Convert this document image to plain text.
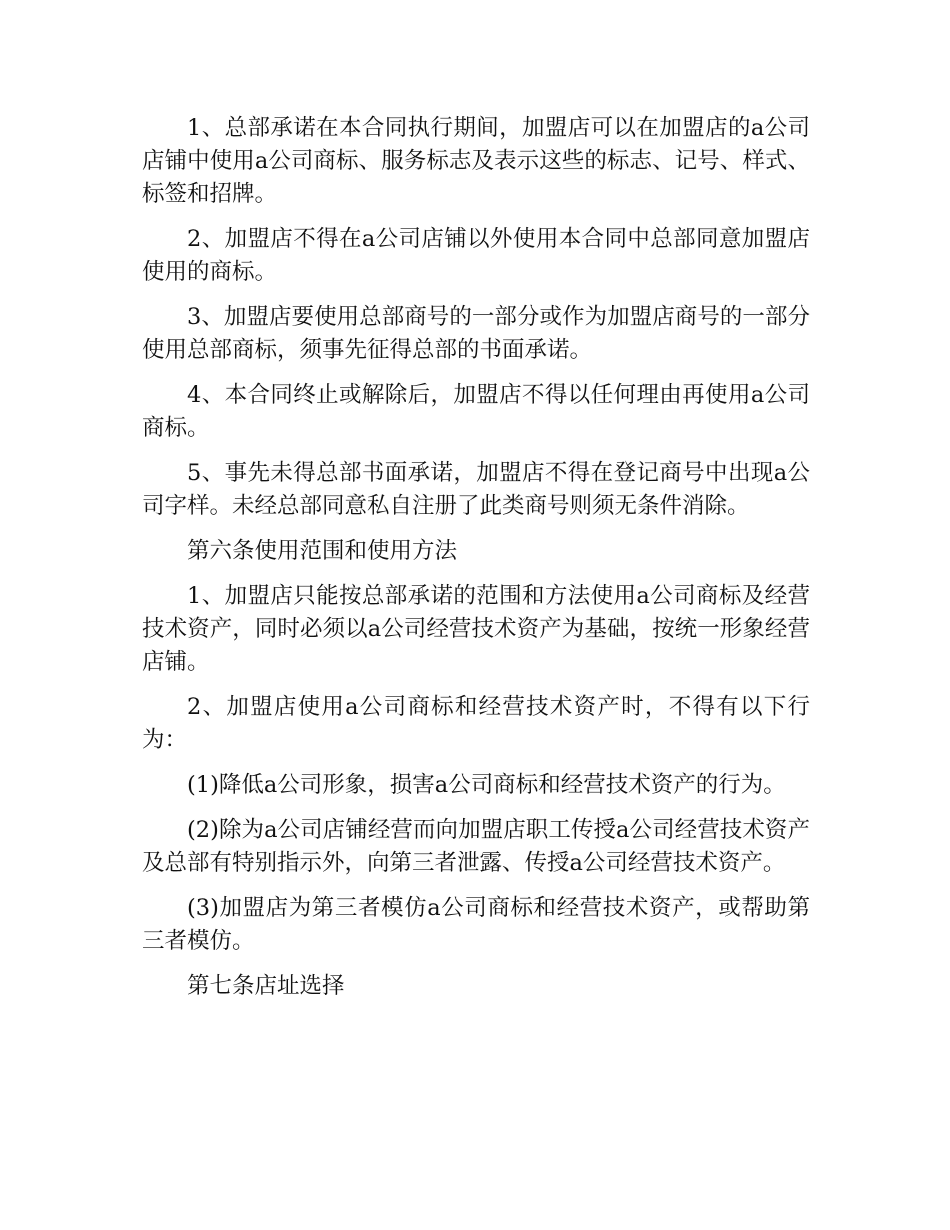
1、总部承诺在本合同执行期间，加盟店可以在加盟店的a公司店铺中使用a公司商标、服务标志及表示这些的标志、记号、样式、标签和招牌。

2、加盟店不得在a公司店铺以外使用本合同中总部同意加盟店使用的商标。

3、加盟店要使用总部商号的一部分或作为加盟店商号的一部分使用总部商标，须事先征得总部的书面承诺。

4、本合同终止或解除后，加盟店不得以任何理由再使用a公司商标。

5、事先未得总部书面承诺，加盟店不得在登记商号中出现a公司字样。未经总部同意私自注册了此类商号则须无条件消除。

第六条使用范围和使用方法

1、加盟店只能按总部承诺的范围和方法使用a公司商标及经营技术资产，同时必须以a公司经营技术资产为基础，按统一形象经营店铺。

2、加盟店使用a公司商标和经营技术资产时，不得有以下行为：

(1)降低a公司形象，损害a公司商标和经营技术资产的行为。

(2)除为a公司店铺经营而向加盟店职工传授a公司经营技术资产及总部有特别指示外，向第三者泄露、传授a公司经营技术资产。

(3)加盟店为第三者模仿a公司商标和经营技术资产，或帮助第三者模仿。

第七条店址选择
